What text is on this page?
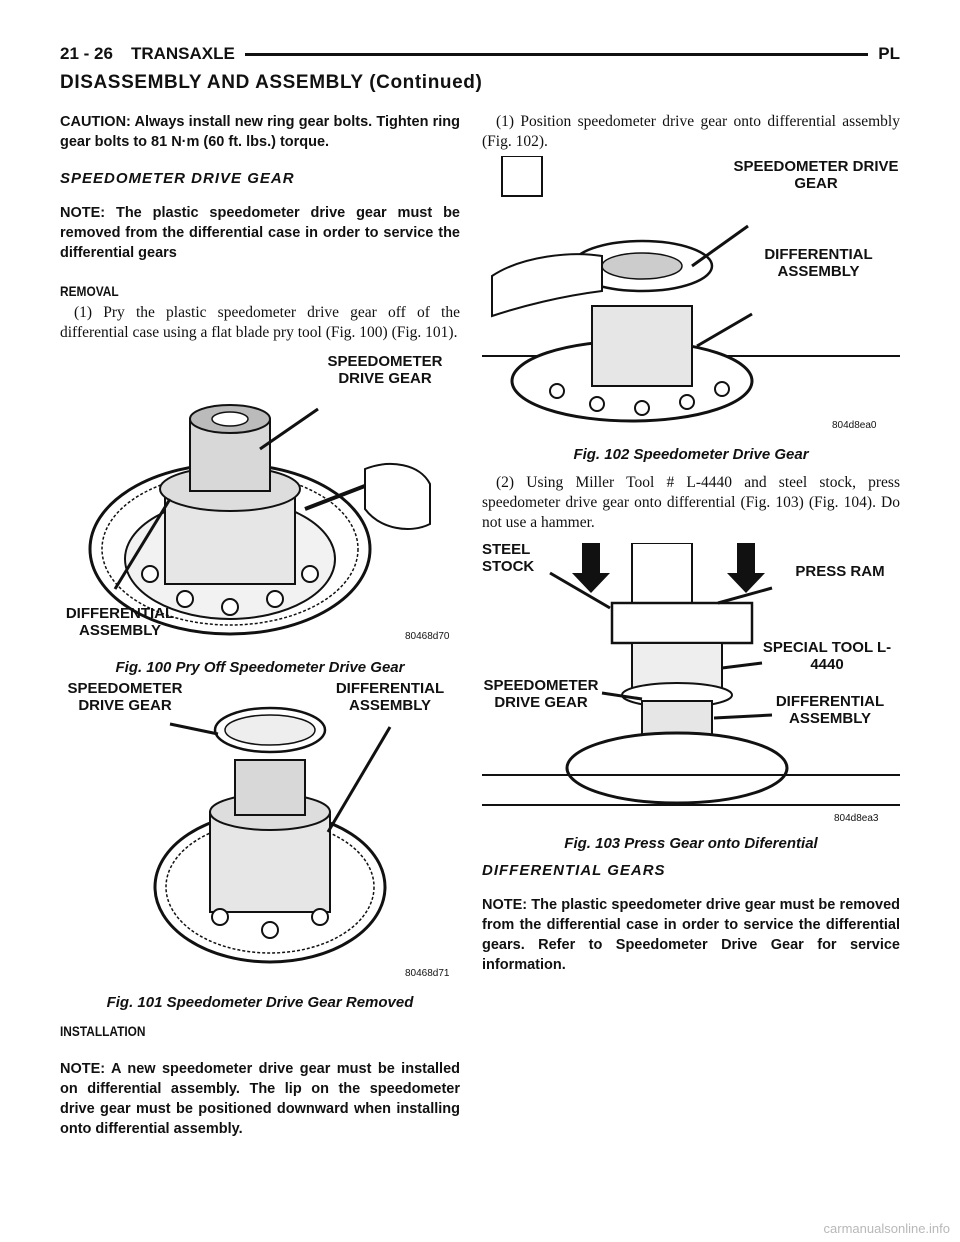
21 - 26 TRANSAXLE	PL
DISASSEMBLY AND ASSEMBLY (Continued)

CAUTION: Always install new ring gear bolts. Tighten ring gear bolts to 81 N·m (60 ft. lbs.) torque.

SPEEDOMETER DRIVE GEAR

NOTE: The plastic speedometer drive gear must be removed from the differential case in order to service the differential gears

REMOVAL

(1) Pry the plastic speedometer drive gear off of the differential case using a flat blade pry tool (Fig. 100) (Fig. 101).

SPEEDOMETER DRIVE GEAR
DIFFERENTIAL ASSEMBLY	80468d70

Fig. 100 Pry Off Speedometer Drive Gear

SPEEDOMETER DRIVE GEAR
DIFFERENTIAL ASSEMBLY
80468d71

Fig. 101 Speedometer Drive Gear Removed

INSTALLATION

NOTE: A new speedometer drive gear must be installed on differential assembly. The lip on the speedometer drive gear must be positioned downward when installing onto differential assembly.

(1) Position speedometer drive gear onto differential assembly (Fig. 102).

SPEEDOMETER DRIVE GEAR
DIFFERENTIAL ASSEMBLY
804d8ea0

Fig. 102 Speedometer Drive Gear

(2) Using Miller Tool # L-4440 and steel stock, press speedometer drive gear onto differential (Fig. 103) (Fig. 104). Do not use a hammer.

STEEL STOCK	PRESS RAM
SPECIAL TOOL L-4440
SPEEDOMETER DRIVE GEAR	DIFFERENTIAL ASSEMBLY
804d8ea3

Fig. 103 Press Gear onto Diferential

DIFFERENTIAL GEARS

NOTE: The plastic speedometer drive gear must be removed from the differential case in order to service the differential gears. Refer to Speedometer Drive Gear for service information.

carmanualsonline.info
